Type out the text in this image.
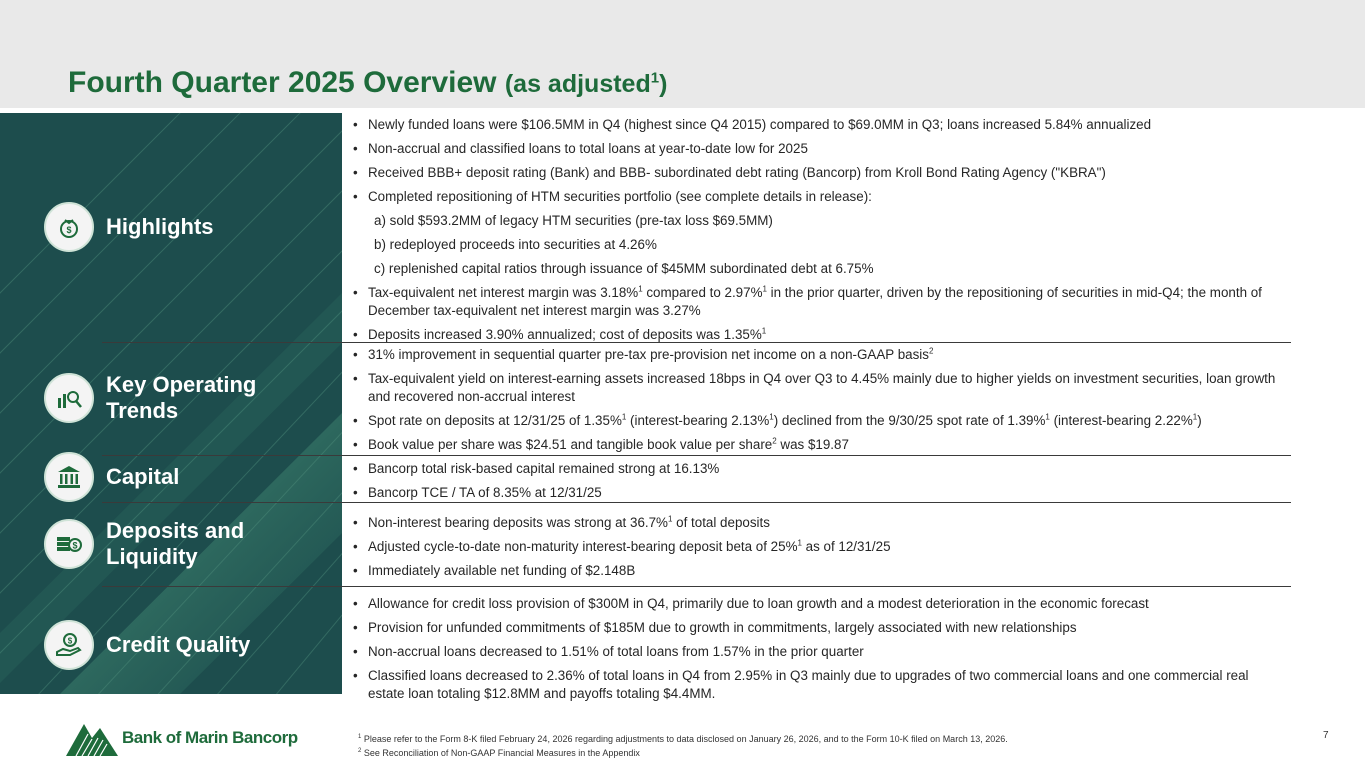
Fourth Quarter 2025 Overview (as adjusted$^1$)
$ Highlights
Key Operating Trends
Capital
$
Deposits and Liquidity
$ Credit Quality
• Newly funded loans were $106.5MM in Q4 (highest since Q4 2015) compared to $69.0MM in Q3; loans increased 5.84% annualized
• Non-accrual and classified loans to total loans at year-to-date low for 2025
• Received BBB+ deposit rating (Bank) and BBB- subordinated debt rating (Bancorp) from Kroll Bond Rating Agency ("KBRA")
• Completed repositioning of HTM securities portfolio (see complete details in release):
a) sold $593.2MM of legacy HTM securities (pre-tax loss $69.5MM)
b) redeployed proceeds into securities at 4.26%
c) replenished capital ratios through issuance of $45MM subordinated debt at 6.75%
• Tax-equivalent net interest margin was 3.18%$^1$ compared to 2.97%$^1$ in the prior quarter, driven by the repositioning of securities in mid-Q4; the month of December tax-equivalent net interest margin was 3.27%
• Deposits increased 3.90% annualized; cost of deposits was 1.35%$^1$
• 31% improvement in sequential quarter pre-tax pre-provision net income on a non-GAAP basis$^2$
• Tax-equivalent yield on interest-earning assets increased 18bps in Q4 over Q3 to 4.45% mainly due to higher yields on investment securities, loan growth and recovered non-accrual interest
• Spot rate on deposits at 12/31/25 of 1.35%$^1$ (interest-bearing 2.13%$^1$) declined from the 9/30/25 spot rate of 1.39%$^1$ (interest-bearing 2.22%$^1$)
• Book value per share was $24.51 and tangible book value per share$^2$ was $19.87
• Bancorp total risk-based capital remained strong at 16.13%
• Bancorp TCE / TA of 8.35% at 12/31/25
• Non-interest bearing deposits was strong at 36.7%$^1$ of total deposits
• Adjusted cycle-to-date non-maturity interest-bearing deposit beta of 25%$^1$ as of 12/31/25
• Immediately available net funding of $2.148B
• Allowance for credit loss provision of $300M in Q4, primarily due to loan growth and a modest deterioration in the economic forecast
• Provision for unfunded commitments of $185M due to growth in commitments, largely associated with new relationships
• Non-accrual loans decreased to 1.51% of total loans from 1.57% in the prior quarter
• Classified loans decreased to 2.36% of total loans in Q4 from 2.95% in Q3 mainly due to upgrades of two commercial loans and one commercial real estate loan totaling $12.8MM and payoffs totaling $4.4MM.
Bank of Marin Bancorp	$^1$ Please refer to the Form 8-K filed February 24, 2026 regarding adjustments to data disclosed on January 26, 2026, and to the Form 10-K filed on March 13, 2026.
$^2$ See Reconciliation of Non-GAAP Financial Measures in the Appendix
7
